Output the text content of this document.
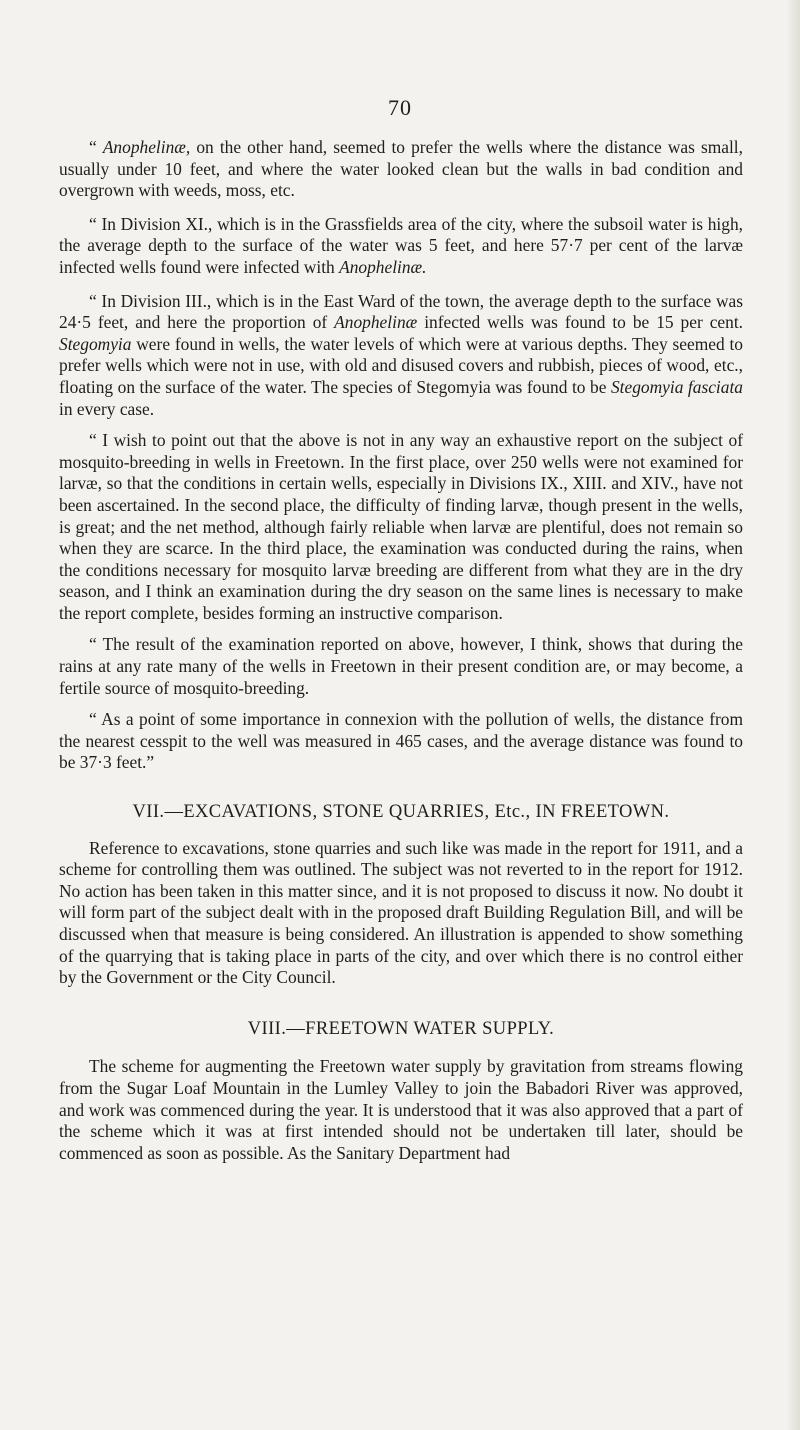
70

“ Anophelinæ, on the other hand, seemed to prefer the wells where the distance was small, usually under 10 feet, and where the water looked clean but the walls in bad condition and overgrown with weeds, moss, etc.

“ In Division XI., which is in the Grassfields area of the city, where the subsoil water is high, the average depth to the surface of the water was 5 feet, and here 57·7 per cent of the larvæ infected wells found were infected with Anophelinæ.

“ In Division III., which is in the East Ward of the town, the average depth to the surface was 24·5 feet, and here the proportion of Anophelinæ infected wells was found to be 15 per cent. Stegomyia were found in wells, the water levels of which were at various depths. They seemed to prefer wells which were not in use, with old and disused covers and rubbish, pieces of wood, etc., floating on the surface of the water. The species of Stegomyia was found to be Stegomyia fasciata in every case.

“ I wish to point out that the above is not in any way an exhaustive report on the subject of mosquito-breeding in wells in Freetown. In the first place, over 250 wells were not examined for larvæ, so that the conditions in certain wells, especially in Divisions IX., XIII. and XIV., have not been ascertained. In the second place, the difficulty of finding larvæ, though present in the wells, is great; and the net method, although fairly reliable when larvæ are plentiful, does not remain so when they are scarce. In the third place, the examination was conducted during the rains, when the conditions necessary for mosquito larvæ breeding are different from what they are in the dry season, and I think an examination during the dry season on the same lines is necessary to make the report complete, besides forming an instructive comparison.

“ The result of the examination reported on above, however, I think, shows that during the rains at any rate many of the wells in Freetown in their present condition are, or may become, a fertile source of mosquito-breeding.

“ As a point of some importance in connexion with the pollution of wells, the distance from the nearest cesspit to the well was measured in 465 cases, and the average distance was found to be 37·3 feet.”

VII.—EXCAVATIONS, STONE QUARRIES, Etc., IN FREETOWN.

Reference to excavations, stone quarries and such like was made in the report for 1911, and a scheme for controlling them was outlined. The subject was not reverted to in the report for 1912. No action has been taken in this matter since, and it is not proposed to discuss it now. No doubt it will form part of the subject dealt with in the proposed draft Building Regulation Bill, and will be discussed when that measure is being considered. An illustration is appended to show something of the quarrying that is taking place in parts of the city, and over which there is no control either by the Government or the City Council.

VIII.—FREETOWN WATER SUPPLY.

The scheme for augmenting the Freetown water supply by gravitation from streams flowing from the Sugar Loaf Mountain in the Lumley Valley to join the Babadori River was approved, and work was commenced during the year. It is understood that it was also approved that a part of the scheme which it was at first intended should not be undertaken till later, should be commenced as soon as possible. As the Sanitary Department had
